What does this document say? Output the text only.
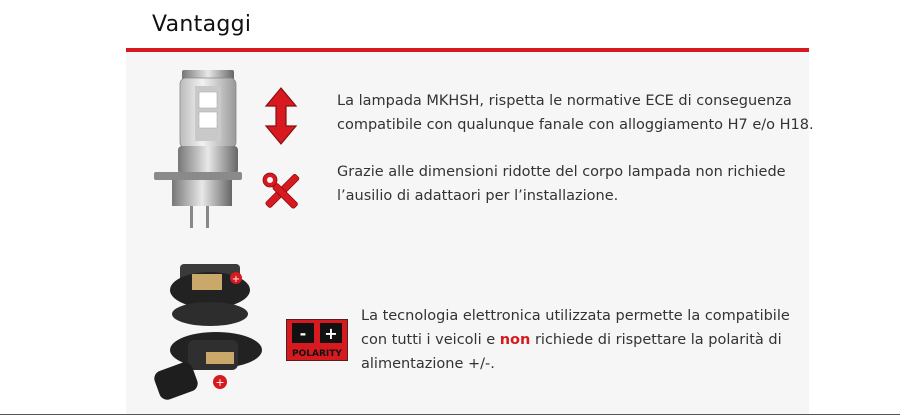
Vantaggi
La lampada MKHSH, rispetta le normative ECE di conseguenza
compatibile con qualunque fanale con alloggiamento H7 e/o H18.
Grazie alle dimensioni ridotte del corpo lampada non richiede
l’ausilio di adattaori per l’installazione.
+
+
- +
POLARITY
La tecnologia elettronica utilizzata permette la compatibile
con tutti i veicoli e non richiede di rispettare la polarità di
alimentazione +/-.
